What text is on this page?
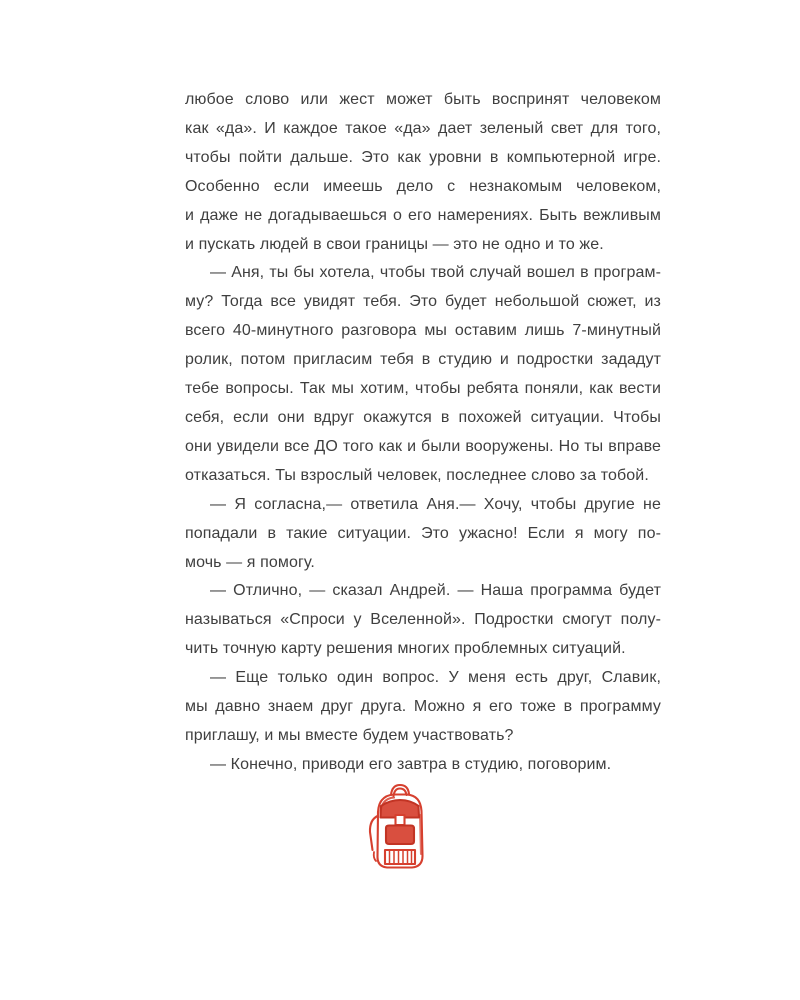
любое слово или жест может быть воспринят человеком
как «да». И каждое такое «да» дает зеленый свет для того,
чтобы пойти дальше. Это как уровни в компьютерной игре.
Особенно если имеешь дело с незнакомым человеком,
и даже не догадываешься о его намерениях. Быть вежливым
и пускать людей в свои границы — это не одно и то же.
— Аня, ты бы хотела, чтобы твой случай вошел в програм-
му? Тогда все увидят тебя. Это будет небольшой сюжет, из
всего 40-минутного разговора мы оставим лишь 7-минутный
ролик, потом пригласим тебя в студию и подростки зададут
тебе вопросы. Так мы хотим, чтобы ребята поняли, как вести
себя, если они вдруг окажутся в похожей ситуации. Чтобы
они увидели все ДО того как и были вооружены. Но ты вправе
отказаться. Ты взрослый человек, последнее слово за тобой.
— Я согласна,— ответила Аня.— Хочу, чтобы другие не
попадали в такие ситуации. Это ужасно! Если я могу по-
мочь — я помогу.
— Отлично, — сказал Андрей. — Наша программа будет
называться «Спроси у Вселенной». Подростки смогут полу-
чить точную карту решения многих проблемных ситуаций.
— Еще только один вопрос. У меня есть друг, Славик,
мы давно знаем друг друга. Можно я его тоже в программу
приглашу, и мы вместе будем участвовать?
— Конечно, приводи его завтра в студию, поговорим.
